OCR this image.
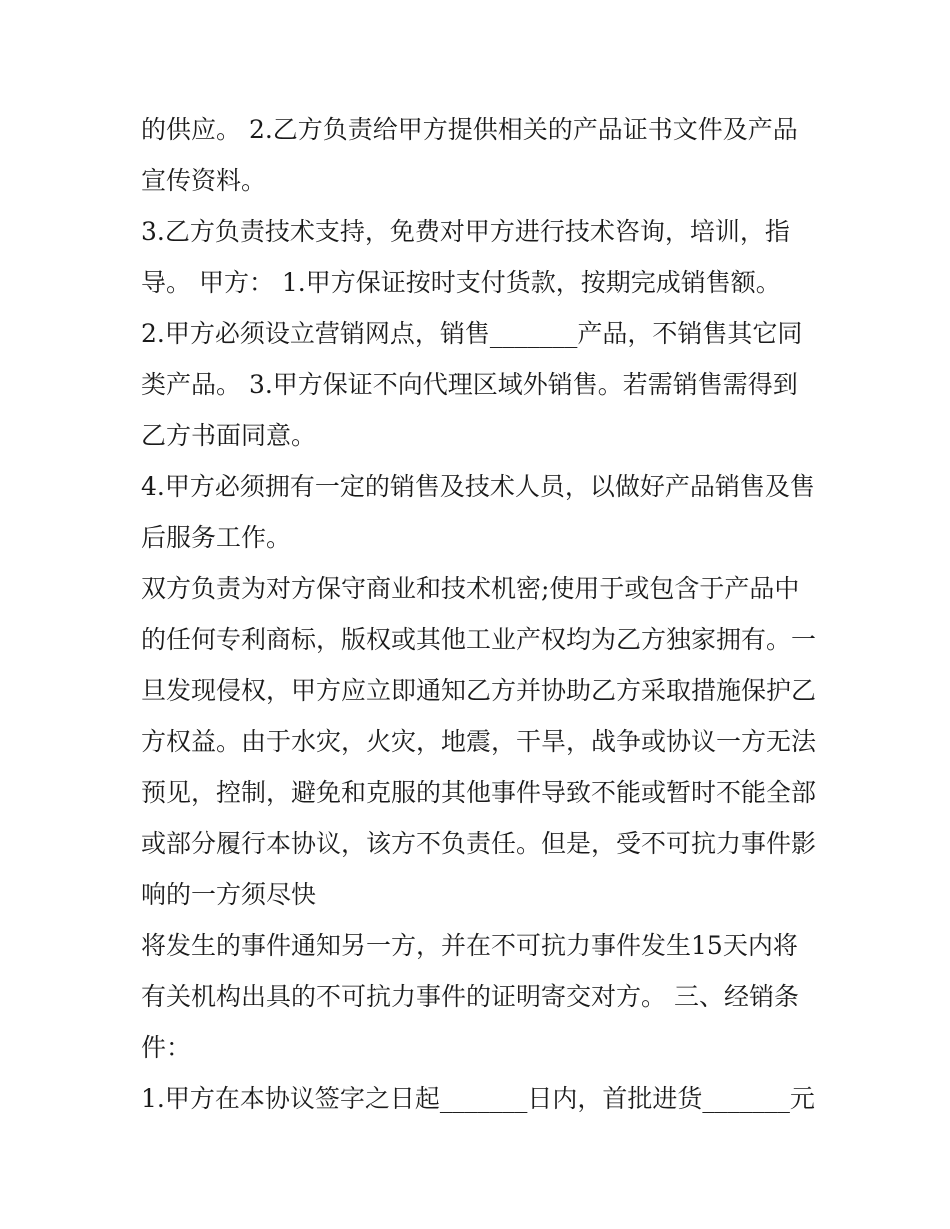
的供应。 2.乙方负责给甲方提供相关的产品证书文件及产品宣传资料。

3.乙方负责技术支持，免费对甲方进行技术咨询，培训，指导。 甲方： 1.甲方保证按时支付货款，按期完成销售额。

2.甲方必须设立营销网点，销售_______产品，不销售其它同类产品。 3.甲方保证不向代理区域外销售。若需销售需得到乙方书面同意。

4.甲方必须拥有一定的销售及技术人员，以做好产品销售及售后服务工作。

双方负责为对方保守商业和技术机密;使用于或包含于产品中的任何专利商标，版权或其他工业产权均为乙方独家拥有。一旦发现侵权，甲方应立即通知乙方并协助乙方采取措施保护乙方权益。由于水灾，火灾，地震，干旱，战争或协议一方无法预见，控制，避免和克服的其他事件导致不能或暂时不能全部或部分履行本协议，该方不负责任。但是，受不可抗力事件影响的一方须尽快

将发生的事件通知另一方，并在不可抗力事件发生15天内将有关机构出具的不可抗力事件的证明寄交对方。 三、经销条件：

1.甲方在本协议签字之日起_______日内，首批进货_______元
